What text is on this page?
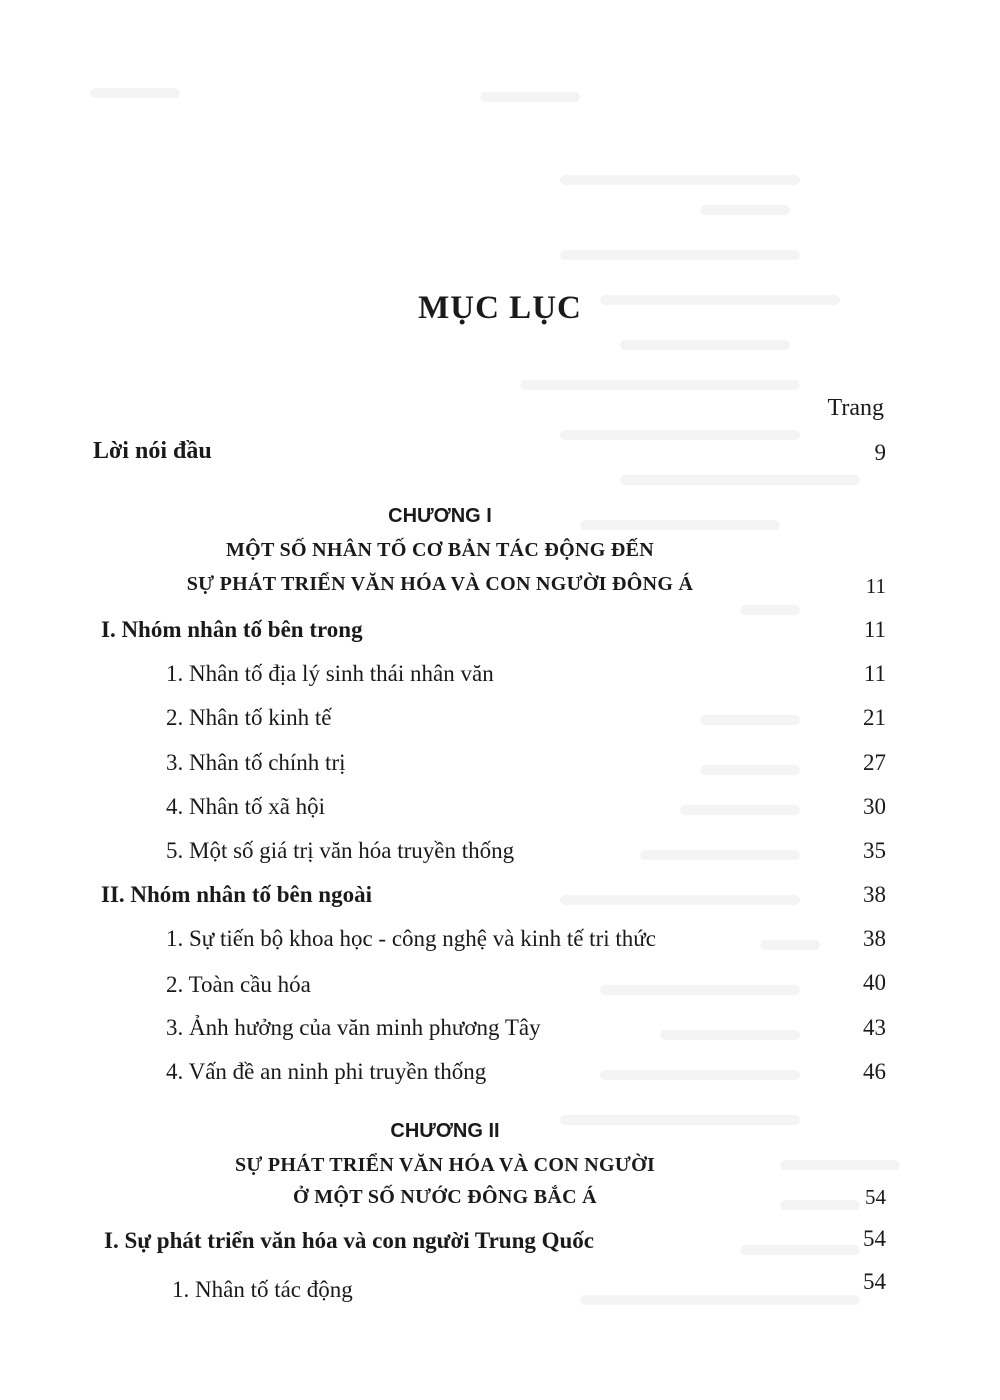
MỤC LỤC
Trang
Lời nói đầu	9
CHƯƠNG I
MỘT SỐ NHÂN TỐ CƠ BẢN TÁC ĐỘNG ĐẾN
SỰ PHÁT TRIỂN VĂN HÓA VÀ CON NGƯỜI ĐÔNG Á	11
I. Nhóm nhân tố bên trong	11
1. Nhân tố địa lý sinh thái nhân văn	11
2. Nhân tố kinh tế	21
3. Nhân tố chính trị	27
4. Nhân tố xã hội	30
5. Một số giá trị văn hóa truyền thống	35
II. Nhóm nhân tố bên ngoài	38
1. Sự tiến bộ khoa học - công nghệ và kinh tế tri thức	38
2. Toàn cầu hóa	40
3. Ảnh hưởng của văn minh phương Tây	43
4. Vấn đề an ninh phi truyền thống	46
CHƯƠNG II
SỰ PHÁT TRIỂN VĂN HÓA VÀ CON NGƯỜI
Ở MỘT SỐ NƯỚC ĐÔNG BẮC Á	54
I. Sự phát triển văn hóa và con người Trung Quốc	54
1. Nhân tố tác động	54
